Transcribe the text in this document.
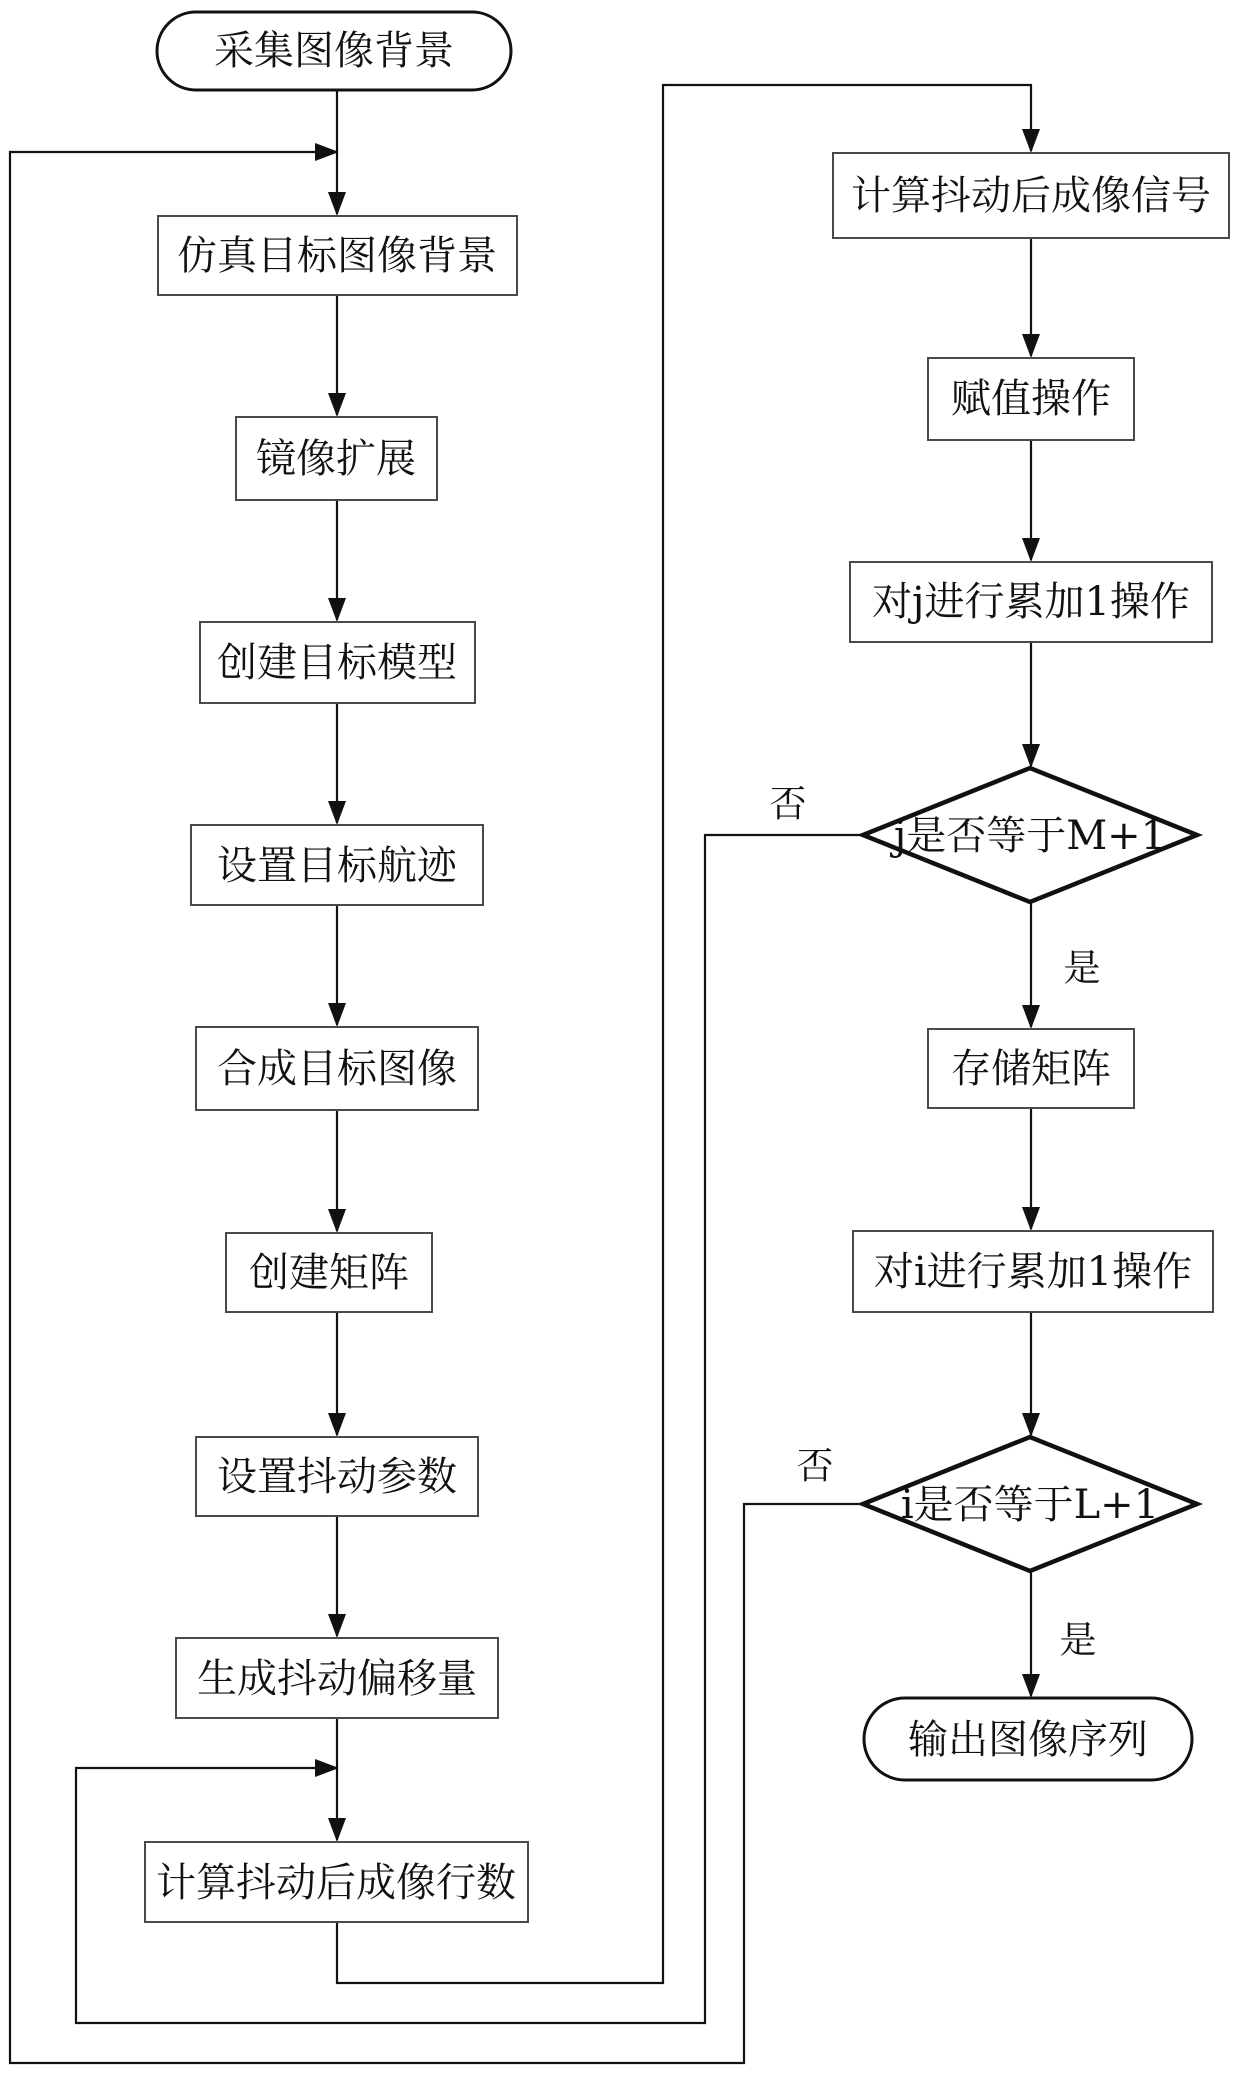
采集图像背景
仿真目标图像背景
镜像扩展
创建目标模型
设置目标航迹
合成目标图像
创建矩阵
设置抖动参数
生成抖动偏移量
计算抖动后成像行数
计算抖动后成像信号
赋值操作
对j进行累加1操作
j是否等于M+1
存储矩阵
对i进行累加1操作
i是否等于L+1
输出图像序列
否
是
否
是
